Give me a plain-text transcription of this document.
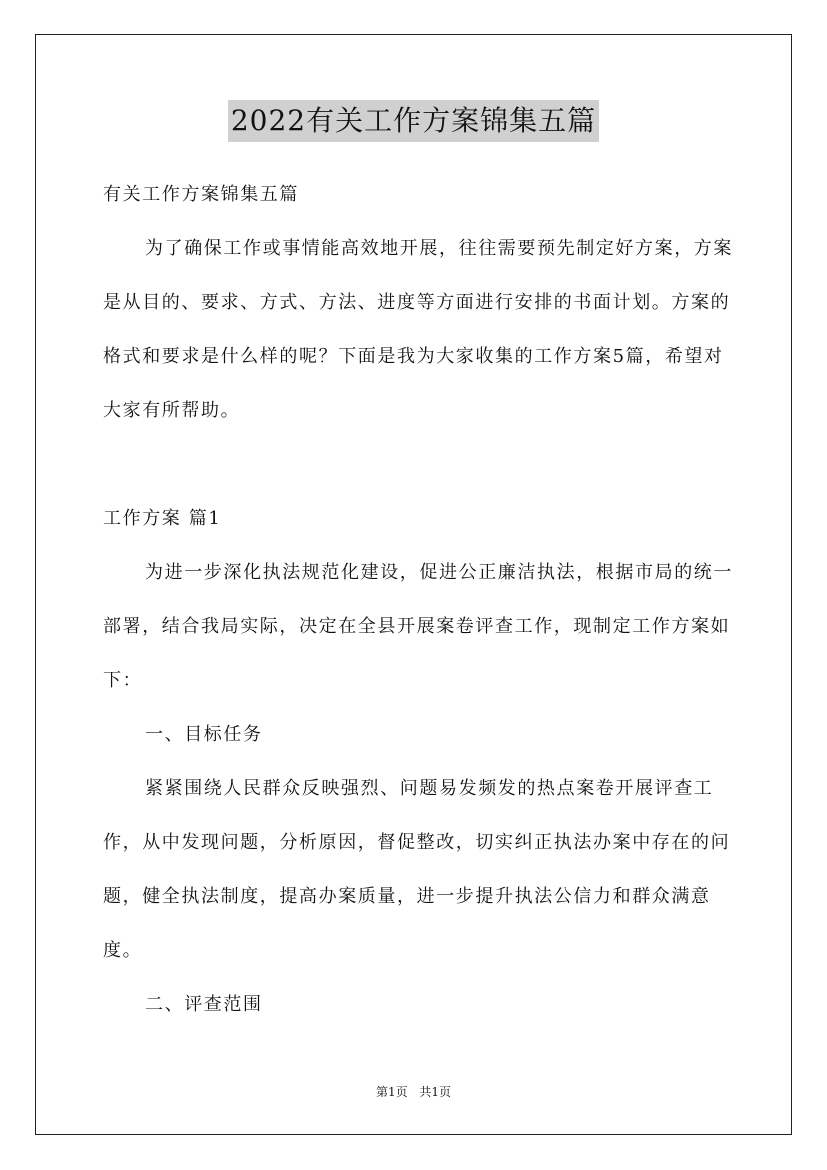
2022有关工作方案锦集五篇

有关工作方案锦集五篇

为了确保工作或事情能高效地开展，往往需要预先制定好方案，方案是从目的、要求、方式、方法、进度等方面进行安排的书面计划。方案的格式和要求是什么样的呢？下面是我为大家收集的工作方案5篇，希望对大家有所帮助。

工作方案 篇1

为进一步深化执法规范化建设，促进公正廉洁执法，根据市局的统一部署，结合我局实际，决定在全县开展案卷评查工作，现制定工作方案如下：

一、目标任务

紧紧围绕人民群众反映强烈、问题易发频发的热点案卷开展评查工作，从中发现问题，分析原因，督促整改，切实纠正执法办案中存在的问题，健全执法制度，提高办案质量，进一步提升执法公信力和群众满意度。

二、评查范围

第1页 共1页
